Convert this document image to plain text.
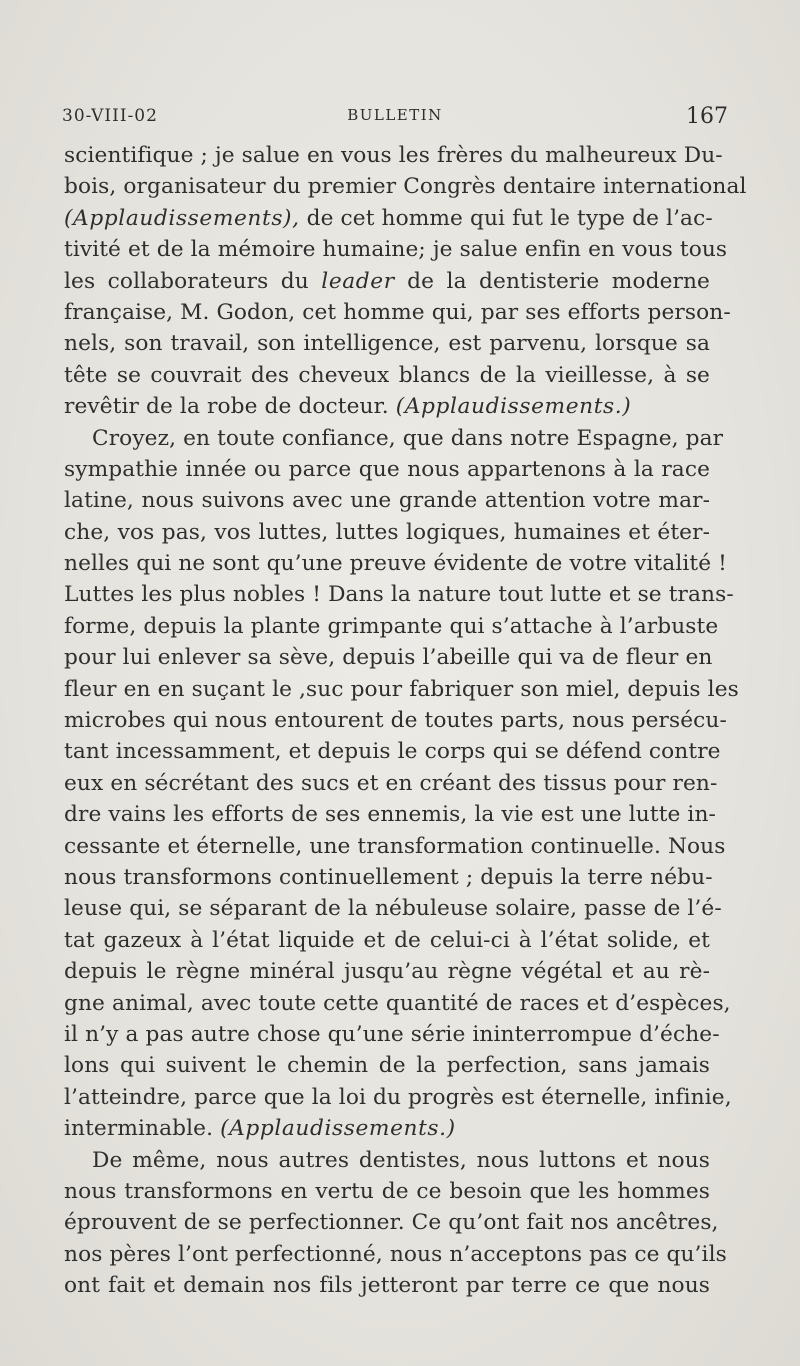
30-VIII-02	BULLETIN	167

scientifique ; je salue en vous les frères du malheureux Du-
bois, organisateur du premier Congrès dentaire international
(Applaudissements), de cet homme qui fut le type de l’ac-
tivité et de la mémoire humaine; je salue enfin en vous tous
les collaborateurs du leader de la dentisterie moderne
française, M. Godon, cet homme qui, par ses efforts person-
nels, son travail, son intelligence, est parvenu, lorsque sa
tête se couvrait des cheveux blancs de la vieillesse, à se
revêtir de la robe de docteur. (Applaudissements.)
Croyez, en toute confiance, que dans notre Espagne, par
sympathie innée ou parce que nous appartenons à la race
latine, nous suivons avec une grande attention votre mar-
che, vos pas, vos luttes, luttes logiques, humaines et éter-
nelles qui ne sont qu’une preuve évidente de votre vitalité !
Luttes les plus nobles ! Dans la nature tout lutte et se trans-
forme, depuis la plante grimpante qui s’attache à l’arbuste
pour lui enlever sa sève, depuis l’abeille qui va de fleur en
fleur en en suçant le ,suc pour fabriquer son miel, depuis les
microbes qui nous entourent de toutes parts, nous persécu-
tant incessamment, et depuis le corps qui se défend contre
eux en sécrétant des sucs et en créant des tissus pour ren-
dre vains les efforts de ses ennemis, la vie est une lutte in-
cessante et éternelle, une transformation continuelle. Nous
nous transformons continuellement ; depuis la terre nébu-
leuse qui, se séparant de la nébuleuse solaire, passe de l’é-
tat gazeux à l’état liquide et de celui-ci à l’état solide, et
depuis le règne minéral jusqu’au règne végétal et au rè-
gne animal, avec toute cette quantité de races et d’espèces,
il n’y a pas autre chose qu’une série ininterrompue d’éche-
lons qui suivent le chemin de la perfection, sans jamais
l’atteindre, parce que la loi du progrès est éternelle, infinie,
interminable. (Applaudissements.)
De même, nous autres dentistes, nous luttons et nous
nous transformons en vertu de ce besoin que les hommes
éprouvent de se perfectionner. Ce qu’ont fait nos ancêtres,
nos pères l’ont perfectionné, nous n’acceptons pas ce qu’ils
ont fait et demain nos fils jetteront par terre ce que nous
